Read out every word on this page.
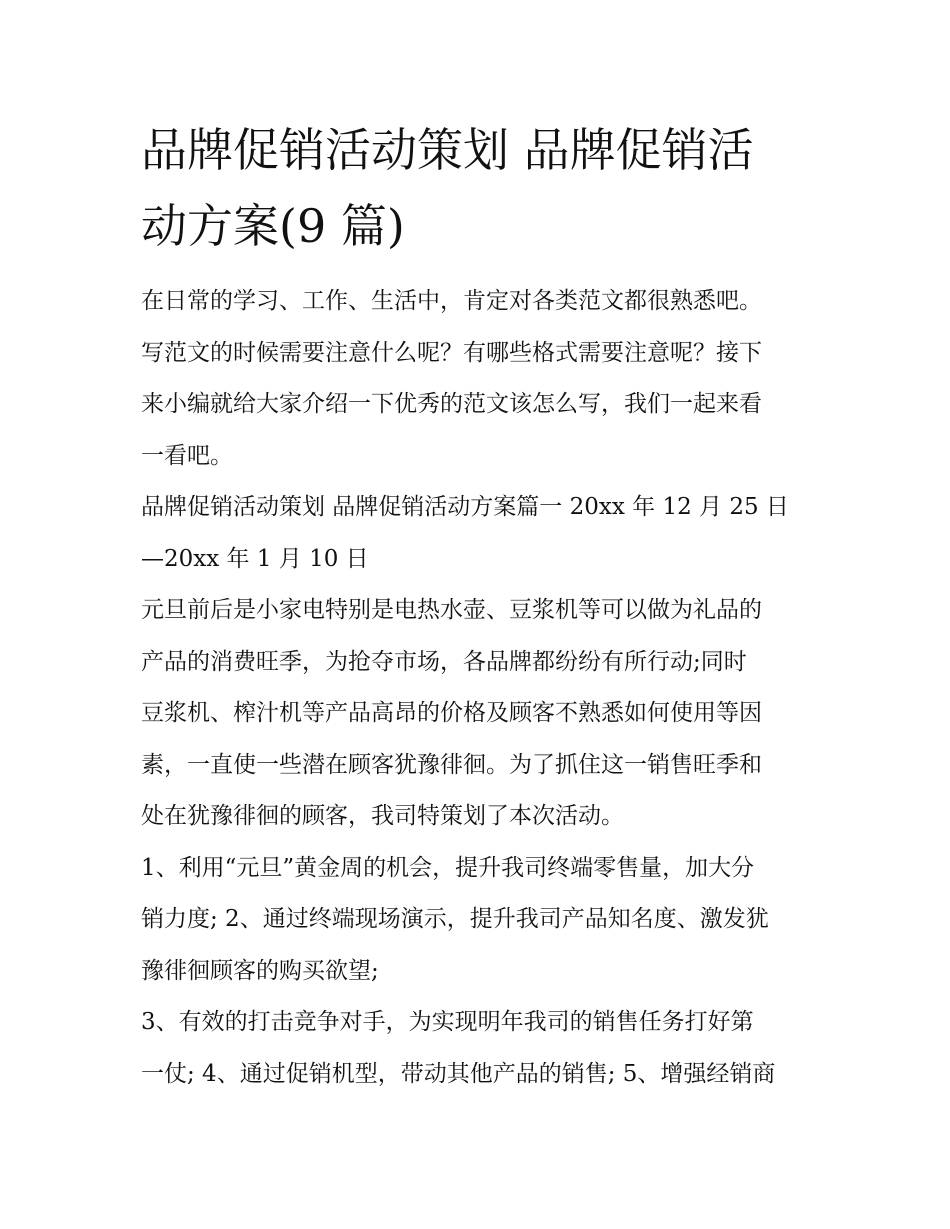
品牌促销活动策划 品牌促销活
动方案(9 篇)

在日常的学习、工作、生活中，肯定对各类范文都很熟悉吧。

写范文的时候需要注意什么呢？有哪些格式需要注意呢？接下

来小编就给大家介绍一下优秀的范文该怎么写，我们一起来看

一看吧。

品牌促销活动策划 品牌促销活动方案篇一 20xx 年 12 月 25 日

—20xx 年 1 月 10 日

元旦前后是小家电特别是电热水壶、豆浆机等可以做为礼品的

产品的消费旺季，为抢夺市场，各品牌都纷纷有所行动;同时

豆浆机、榨汁机等产品高昂的价格及顾客不熟悉如何使用等因

素，一直使一些潜在顾客犹豫徘徊。为了抓住这一销售旺季和

处在犹豫徘徊的顾客，我司特策划了本次活动。

1、利用“元旦”黄金周的机会，提升我司终端零售量，加大分

销力度; 2、通过终端现场演示，提升我司产品知名度、激发犹

豫徘徊顾客的购买欲望;

3、有效的打击竞争对手，为实现明年我司的销售任务打好第

一仗; 4、通过促销机型，带动其他产品的销售; 5、增强经销商
